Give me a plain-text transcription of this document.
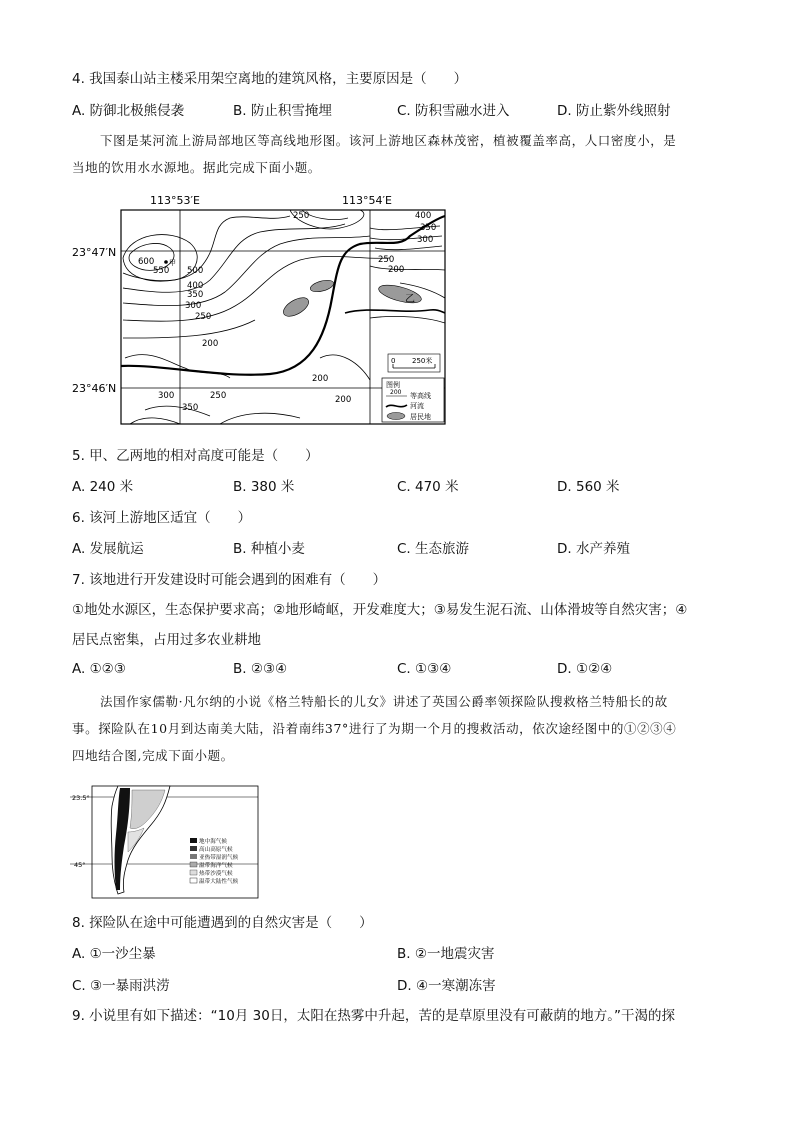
4. 我国泰山站主楼采用架空离地的建筑风格，主要原因是（　　）
A. 防御北极熊侵袭	B. 防止积雪掩埋	C. 防积雪融水进入	D. 防止紫外线照射

下图是某河流上游局部地区等高线地形图。该河上游地区森林茂密，植被覆盖率高，人口密度小，是

当地的饮用水水源地。据此完成下面小题。

113°53′E	113°54′E
23°47′N
23°46′N
乙
甲
600
550 500
400
350
300
250
200
250	400
350
300
250
200
200
300	250
350
200
0 250米
图例
200 等高线
河流
居民地
5. 甲、乙两地的相对高度可能是（　　）
A. 240 米	B. 380 米	C. 470 米	D. 560 米
6. 该河上游地区适宜（　　）
A. 发展航运	B. 种植小麦	C. 生态旅游	D. 水产养殖
7. 该地进行开发建设时可能会遇到的困难有（　　）
①地处水源区，生态保护要求高；②地形崎岖，开发难度大；③易发生泥石流、山体滑坡等自然灾害；④
居民点密集，占用过多农业耕地
A. ①②③	B. ②③④	C. ①③④	D. ①②④

法国作家儒勒·凡尔纳的小说《格兰特船长的儿女》讲述了英国公爵率领探险队搜救格兰特船长的故

事。探险队在10月到达南美大陆，沿着南纬37°进行了为期一个月的搜救活动，依次途经图中的①②③④

四地结合图,完成下面小题。

23.5°
45°
地中海气候
高山高原气候
亚热带湿润气候
温带海洋气候
热带沙漠气候
温带大陆性气候
8. 探险队在途中可能遭遇到的自然灾害是（　　）
A. ①一沙尘暴	B. ②一地震灾害
C. ③一暴雨洪涝	D. ④一寒潮冻害
9. 小说里有如下描述：“10月 30日，太阳在热雾中升起，苦的是草原里没有可蔽荫的地方。”干渴的探
